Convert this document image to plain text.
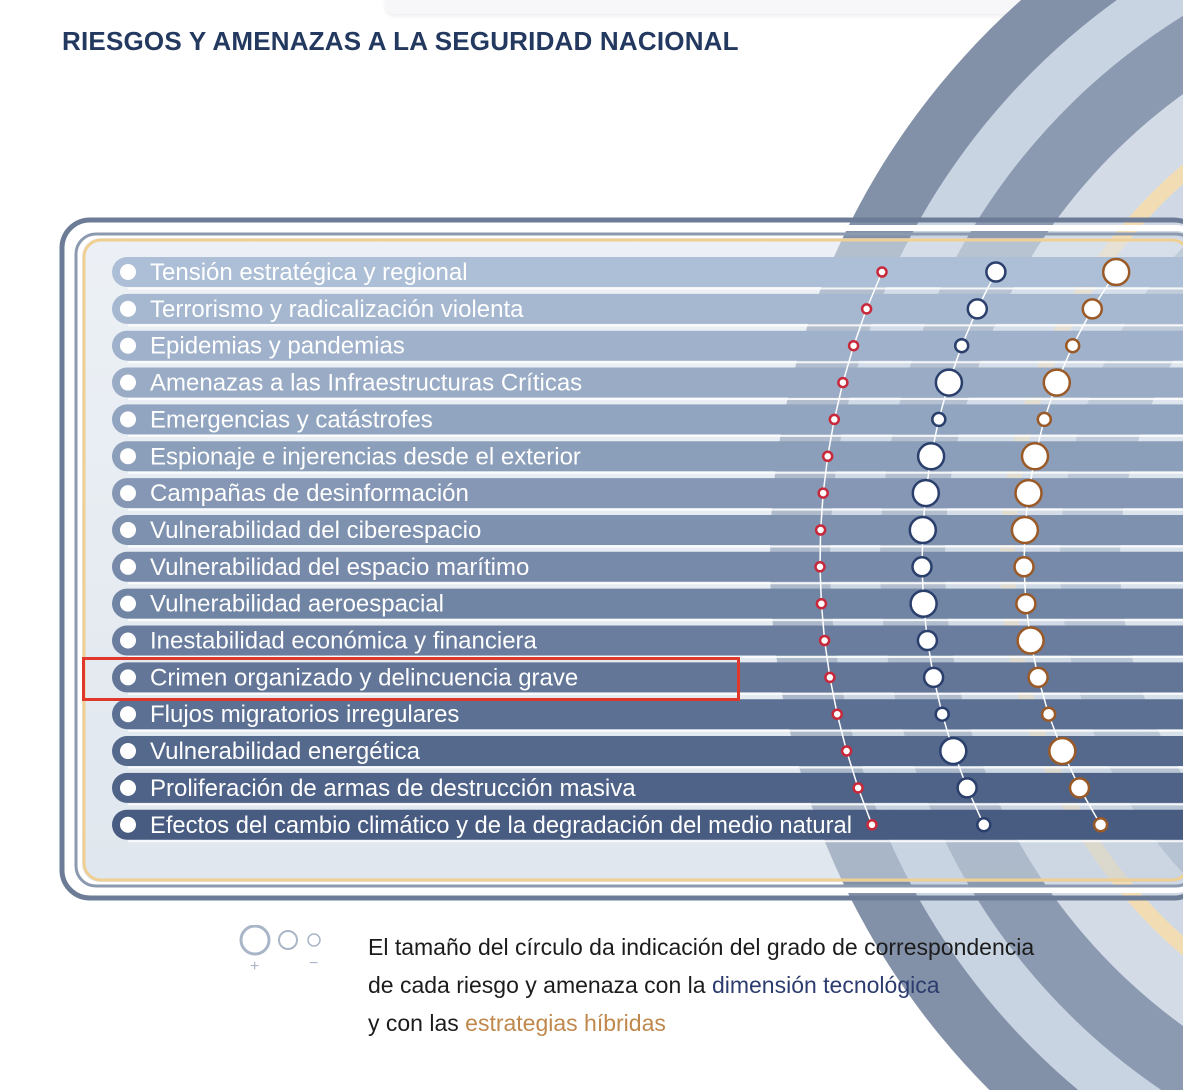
RIESGOS Y AMENAZAS A LA SEGURIDAD NACIONAL
Tensión estratégica y regional
Terrorismo y radicalización violenta
Epidemias y pandemias
Amenazas a las Infraestructuras Críticas
Emergencias y catástrofes
Espionaje e injerencias desde el exterior
Campañas de desinformación
Vulnerabilidad del ciberespacio
Vulnerabilidad del espacio marítimo
Vulnerabilidad aeroespacial
Inestabilidad económica y financiera
Crimen organizado y delincuencia grave
Flujos migratorios irregulares
Vulnerabilidad energética
Proliferación de armas de destrucción masiva
Efectos del cambio climático y de la degradación del medio natural
+	−

El tamaño del círculo da indicación del grado de correspondencia

de cada riesgo y amenaza con la dimensión tecnológica

y con las estrategias híbridas
